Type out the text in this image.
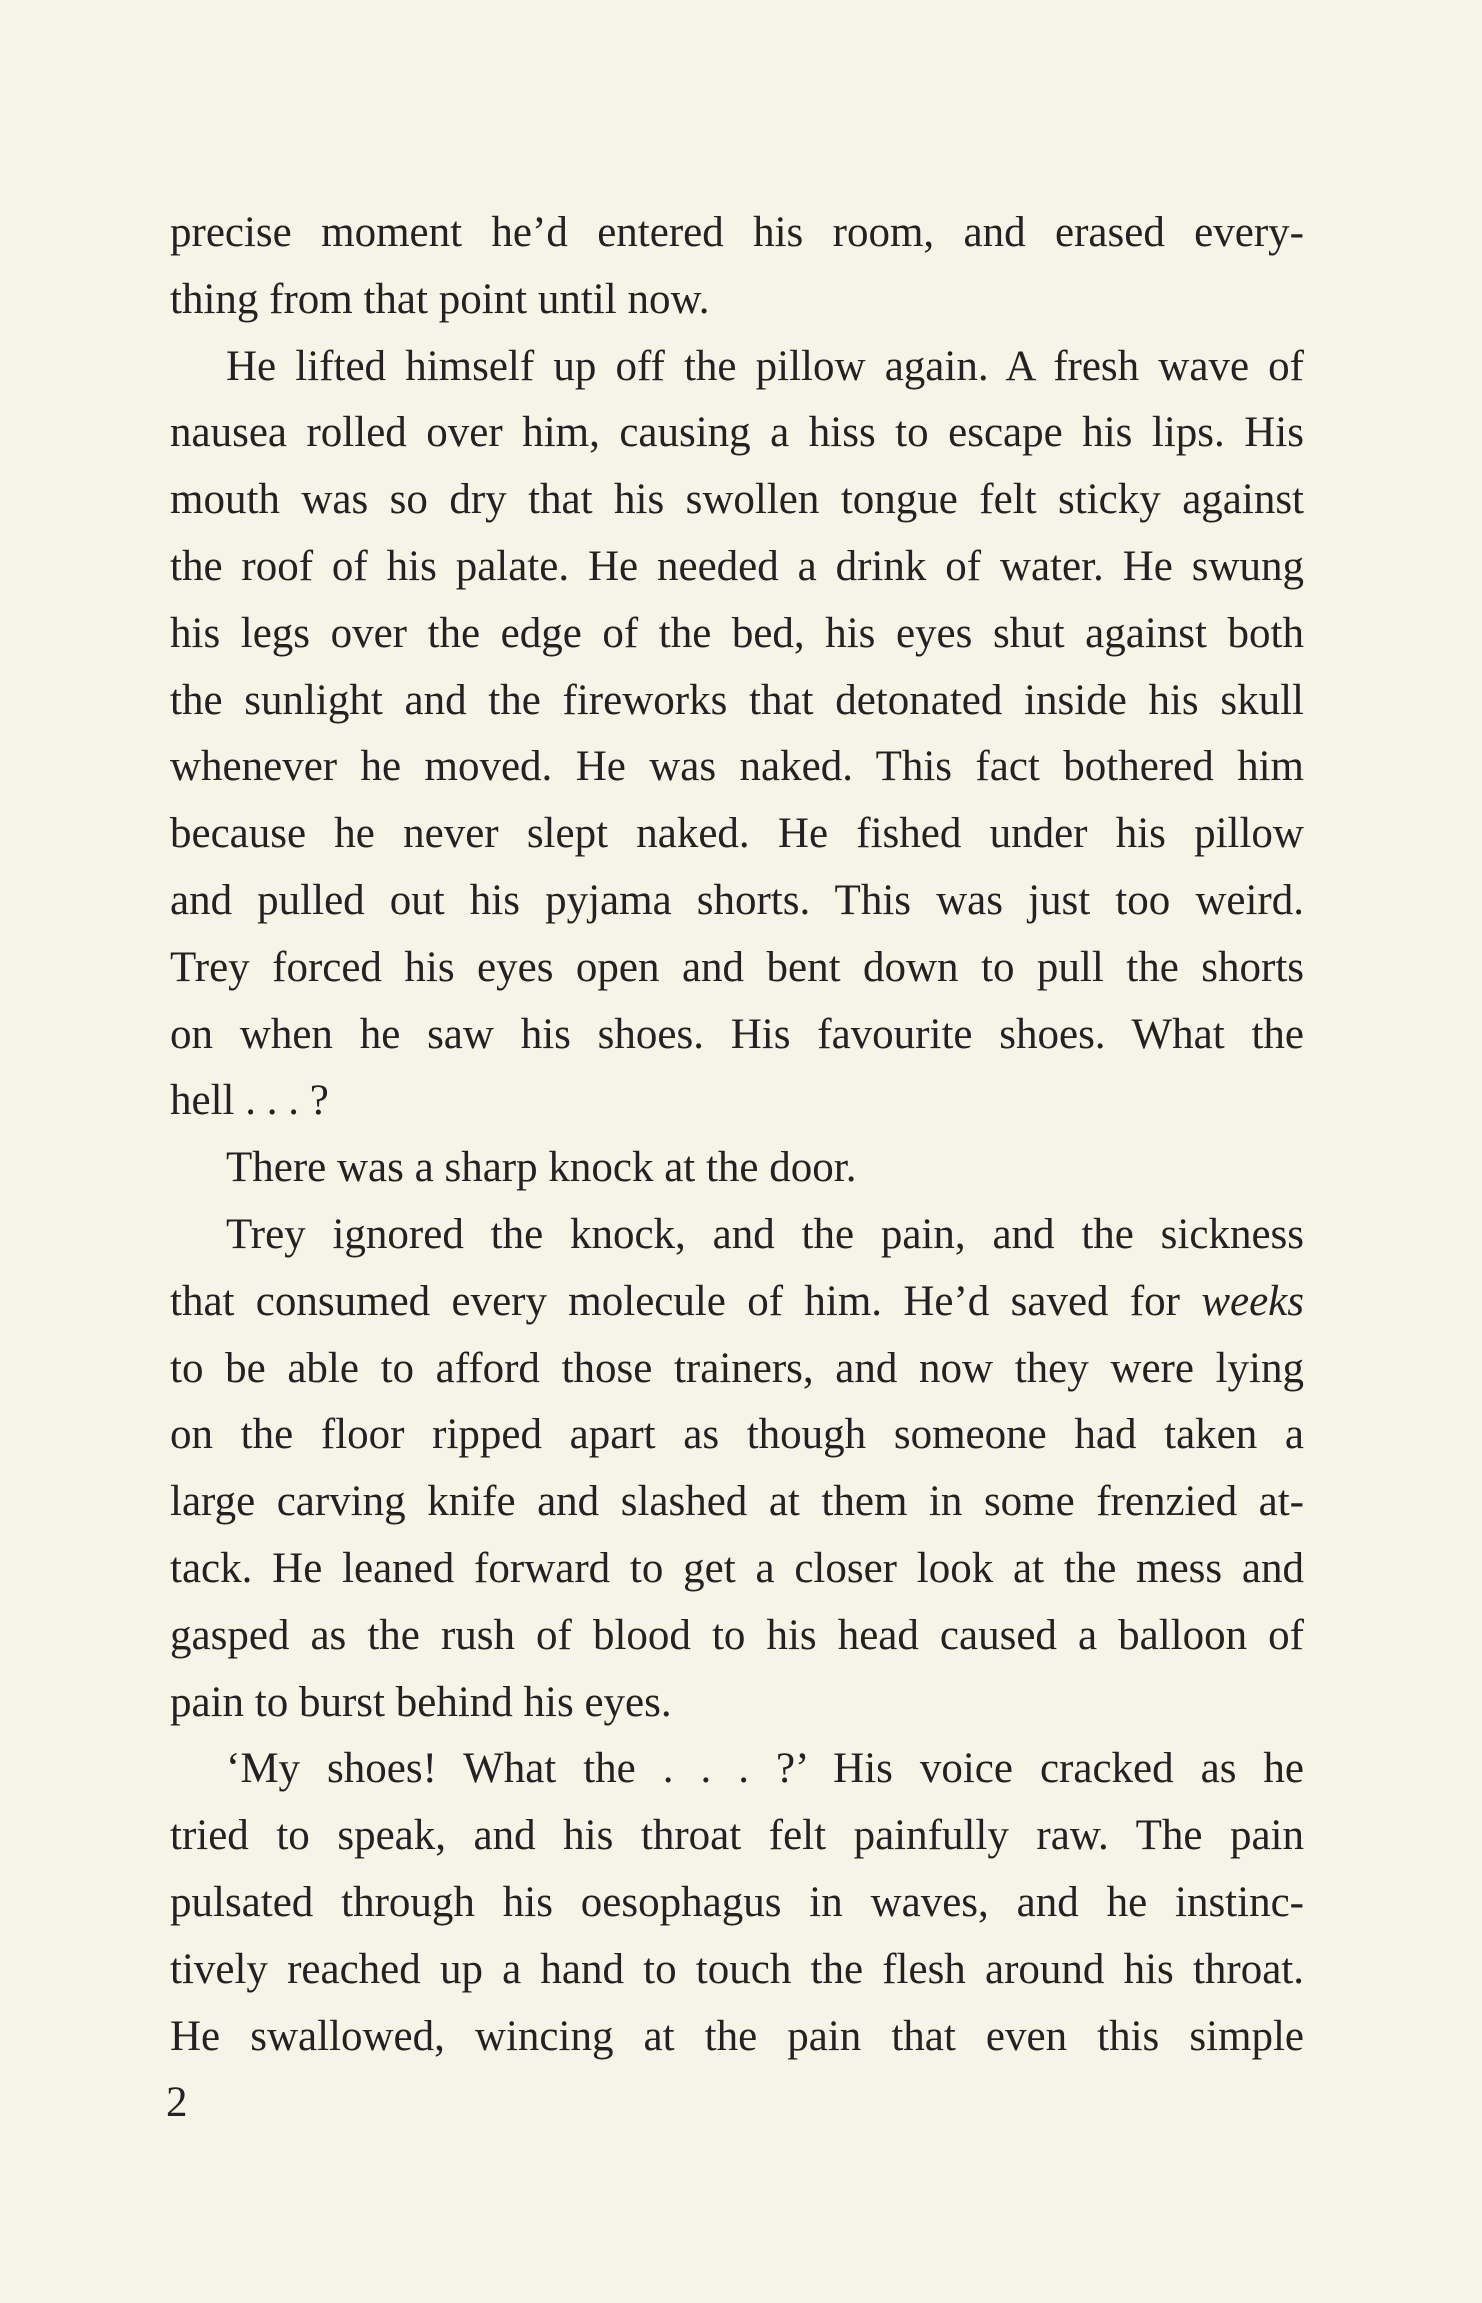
precise moment he’d entered his room, and erased every-
thing from that point until now.
He lifted himself up off the pillow again. A fresh wave of
nausea rolled over him, causing a hiss to escape his lips. His
mouth was so dry that his swollen tongue felt sticky against
the roof of his palate. He needed a drink of water. He swung
his legs over the edge of the bed, his eyes shut against both
the sunlight and the fireworks that detonated inside his skull
whenever he moved. He was naked. This fact bothered him
because he never slept naked. He fished under his pillow
and pulled out his pyjama shorts. This was just too weird.
Trey forced his eyes open and bent down to pull the shorts
on when he saw his shoes. His favourite shoes. What the
hell . . . ?
There was a sharp knock at the door.
Trey ignored the knock, and the pain, and the sickness
that consumed every molecule of him. He’d saved for weeks
to be able to afford those trainers, and now they were lying
on the floor ripped apart as though someone had taken a
large carving knife and slashed at them in some frenzied at-
tack. He leaned forward to get a closer look at the mess and
gasped as the rush of blood to his head caused a balloon of
pain to burst behind his eyes.
‘My shoes! What the . . . ?’ His voice cracked as he
tried to speak, and his throat felt painfully raw. The pain
pulsated through his oesophagus in waves, and he instinc-
tively reached up a hand to touch the flesh around his throat.
He swallowed, wincing at the pain that even this simple
2
